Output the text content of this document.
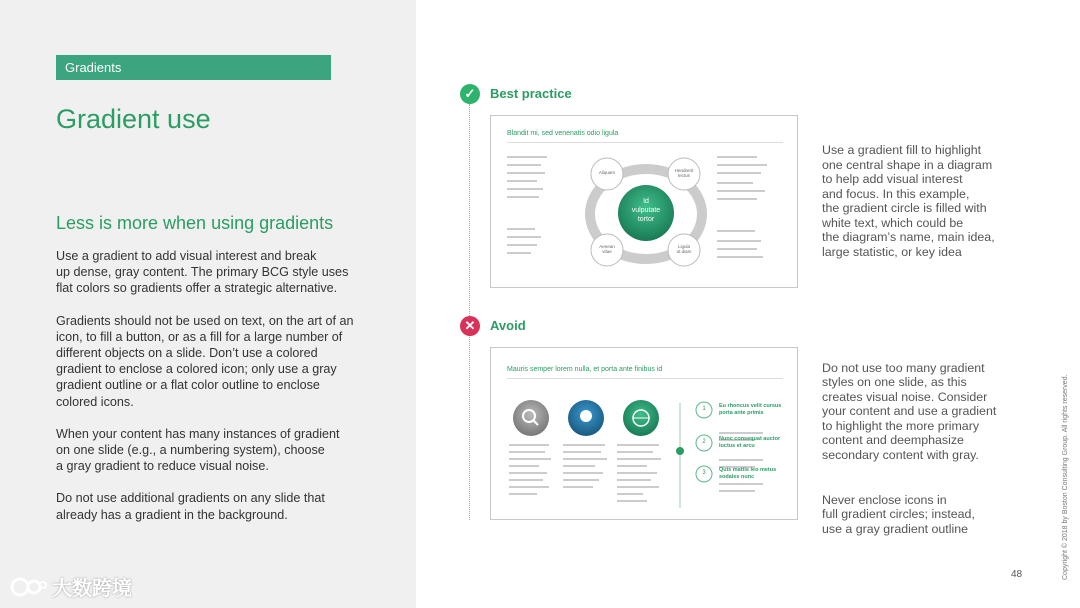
Gradients
Gradient use
Less is more when using gradients

Use a gradient to add visual interest and break
up dense, gray content. The primary BCG style uses
flat colors so gradients offer a strategic alternative.

Gradients should not be used on text, on the art of an
icon, to fill a button, or as a fill for a large number of
different objects on a slide. Don’t use a colored
gradient to enclose a colored icon; only use a gray
gradient outline or a flat color outline to enclose
colored icons.

When your content has many instances of gradient
on one slide (e.g., a numbering system), choose
a gray gradient to reduce visual noise.

Do not use additional gradients on any slide that
already has a gradient in the background.

大数跨境
✓	Best practice
Blandit mi, sed venenatis odio ligula
Id
vulputate
tortor
Aliquam	Hendrerit
lectus
Aenean
vitae
Ligula
ut diam
Use a gradient fill to highlight
one central shape in a diagram
to help add visual interest
and focus. In this example,
the gradient circle is filled with
white text, which could be
the diagram’s name, main idea,
large statistic, or key idea
✕	Avoid
Mauris semper lorem nulla, et porta ante finibus id
1
2
3
Eu rhoncus velit cursus
porta ante primis
Nunc consequat auctor
luctus et arcu
Quis mattis leo metus
sodales nunc

Do not use too many gradient
styles on one slide, as this
creates visual noise. Consider
your content and use a gradient
to highlight the more primary
content and deemphasize
secondary content with gray.

Never enclose icons in
full gradient circles; instead,
use a gray gradient outline	Copyright © 2018 by Boston Consulting Group. All rights reserved.
48
